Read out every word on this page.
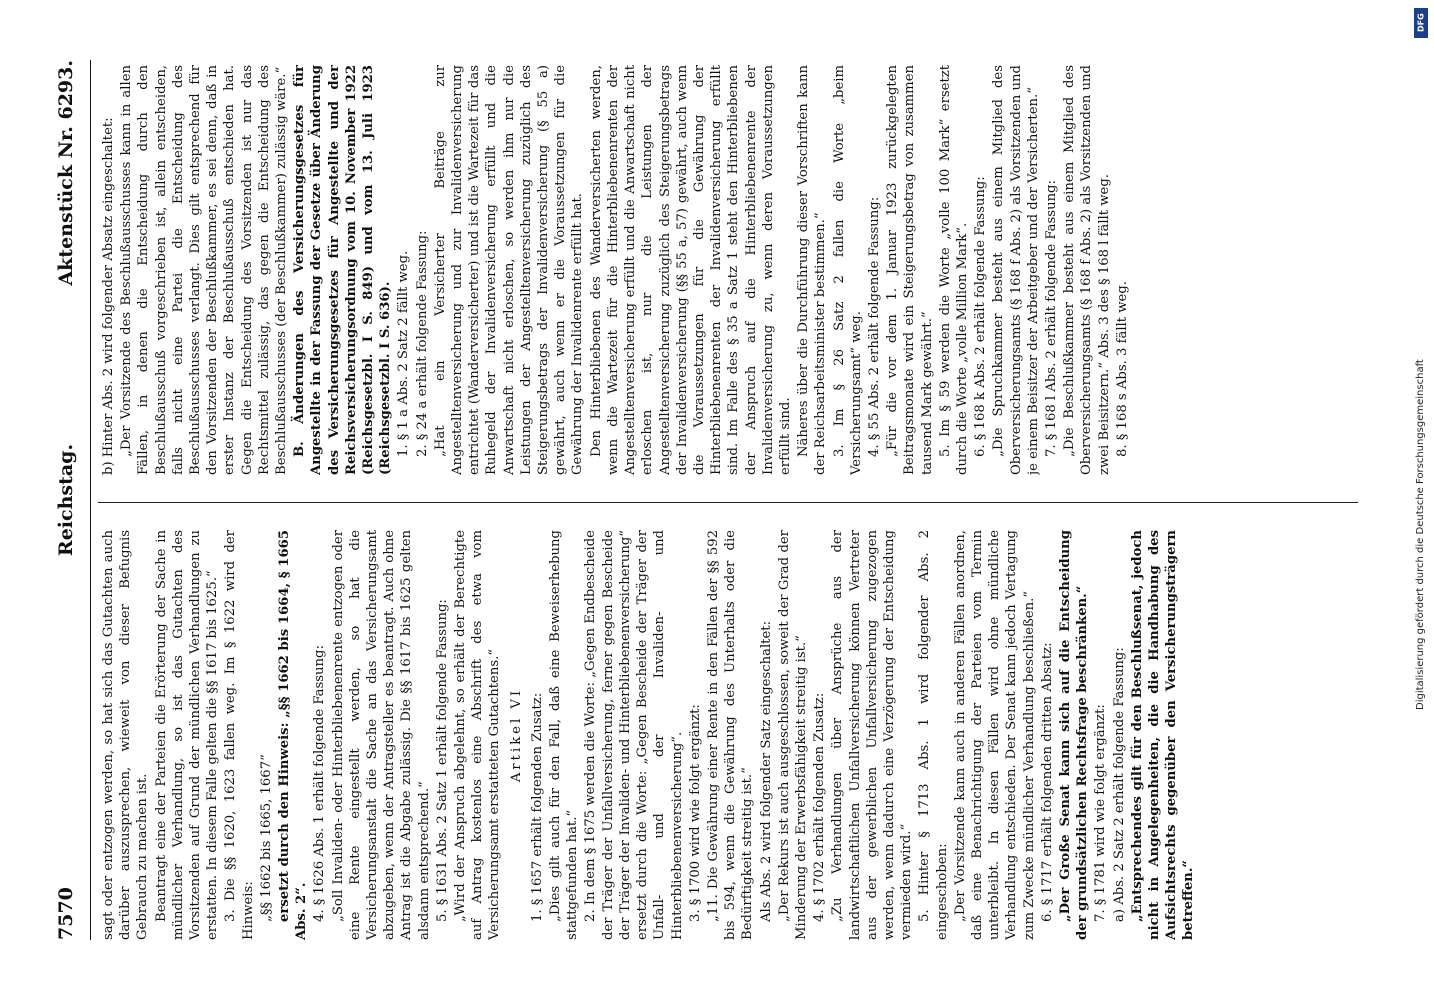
7570
Reichstag.
Aktenstück Nr. 6293.

sagt oder entzogen werden, so hat sich das Gutachten auch darüber auszusprechen, wieweit von dieser Befugnis Gebrauch zu machen ist. Beantragt eine der Parteien die Erörterung der Sache in mündlicher Verhandlung, so ist das Gutachten des Vorsitzenden auf Grund der mündlichen Verhandlungen zu erstatten. In diesem Falle gelten die §§ 1617 bis 1625.“ 3. Die §§ 1620, 1623 fallen weg. Im § 1622 wird der Hinweis: „§§ 1662 bis 1665, 1667“ ersetzt durch den Hinweis: „§§ 1662 bis 1664, § 1665 Abs. 2“. 4. § 1626 Abs. 1 erhält folgende Fassung: „Soll Invaliden- oder Hinterbliebenenrente entzogen oder eine Rente eingestellt werden, so hat die Versicherungsanstalt die Sache an das Versicherungsamt abzugeben, wenn der Antragsteller es beantragt. Auch ohne Antrag ist die Abgabe zulässig. Die §§ 1617 bis 1625 gelten alsdann entsprechend.“ 5. § 1631 Abs. 2 Satz 1 erhält folgende Fassung: „Wird der Anspruch abgelehnt, so erhält der Berechtigte auf Antrag kostenlos eine Abschrift des etwa vom Versicherungsamt erstatteten Gutachtens.“ Artikel VI 1. § 1657 erhält folgenden Zusatz: „Dies gilt auch für den Fall, daß eine Beweiserhebung stattgefunden hat.“ 2. In dem § 1675 werden die Worte: „Gegen Endbescheide der Träger der Unfallversicherung, ferner gegen Bescheide der Träger der Invaliden- und Hinterbliebenenversicherung“ ersetzt durch die Worte: „Gegen Bescheide der Träger der Unfall- und der Invaliden- und Hinterbliebenenversicherung“. 3. § 1700 wird wie folgt ergänzt: „11. Die Gewährung einer Rente in den Fällen der §§ 592 bis 594, wenn die Gewährung des Unterhalts oder die Bedürftigkeit streitig ist.“ Als Abs. 2 wird folgender Satz eingeschaltet: „Der Rekurs ist auch ausgeschlossen, soweit der Grad der Minderung der Erwerbsfähigkeit streitig ist.“ 4. § 1702 erhält folgenden Zusatz: „Zu Verhandlungen über Ansprüche aus der landwirtschaftlichen Unfallversicherung können Vertreter aus der gewerblichen Unfallversicherung zugezogen werden, wenn dadurch eine Verzögerung der Entscheidung vermieden wird.“ 5. Hinter § 1713 Abs. 1 wird folgender Abs. 2 eingeschoben: „Der Vorsitzende kann auch in anderen Fällen anordnen, daß eine Benachrichtigung der Parteien vom Termin unterbleibt. In diesen Fällen wird ohne mündliche Verhandlung entschieden. Der Senat kann jedoch Vertagung zum Zwecke mündlicher Verhandlung beschließen.“ 6. § 1717 erhält folgenden dritten Absatz: „Der Große Senat kann sich auf die Entscheidung der grundsätzlichen Rechtsfrage beschränken.“ 7. § 1781 wird wie folgt ergänzt: a) Abs. 2 Satz 2 erhält folgende Fassung: „Entsprechendes gilt für den Beschlußsenat, jedoch nicht in Angelegenheiten, die die Handhabung des Aufsichtsrechts gegenüber den Versicherungsträgern betreffen.“

b) Hinter Abs. 2 wird folgender Absatz eingeschaltet: „Der Vorsitzende des Beschlußausschusses kann in allen Fällen, in denen die Entscheidung durch den Beschlußausschuß vorgeschrieben ist, allein entscheiden, falls nicht eine Partei die Entscheidung des Beschlußausschusses verlangt. Dies gilt entsprechend für den Vorsitzenden der Beschlußkammer, es sei denn, daß in erster Instanz der Beschlußausschuß entschieden hat. Gegen die Entscheidung des Vorsitzenden ist nur das Rechtsmittel zulässig, das gegen die Entscheidung des Beschlußausschusses (der Beschlußkammer) zulässig wäre.“ B. Änderungen des Versicherungsgesetzes für Angestellte in der Fassung der Gesetze über Änderung des Versicherungsgesetzes für Angestellte und der Reichsversicherungsordnung vom 10. November 1922 (Reichsgesetzbl. I S. 849) und vom 13. Juli 1923 (Reichsgesetzbl. I S. 636). 1. § 1 a Abs. 2 Satz 2 fällt weg. 2. § 24 a erhält folgende Fassung: „Hat ein Versicherter Beiträge zur Angestelltenversicherung und zur Invalidenversicherung entrichtet (Wanderversicherter) und ist die Wartezeit für das Ruhegeld der Invalidenversicherung erfüllt und die Anwartschaft nicht erloschen, so werden ihm nur die Leistungen der Angestelltenversicherung zuzüglich des Steigerungsbetrags der Invalidenversicherung (§ 55 a) gewährt, auch wenn er die Voraussetzungen für die Gewährung der Invalidenrente erfüllt hat. Den Hinterbliebenen des Wanderversicherten werden, wenn die Wartezeit für die Hinterbliebenenrenten der Angestelltenversicherung erfüllt und die Anwartschaft nicht erloschen ist, nur die Leistungen der Angestelltenversicherung zuzüglich des Steigerungsbetrags der Invalidenversicherung (§§ 55 a, 57) gewährt, auch wenn die Voraussetzungen für die Gewährung der Hinterbliebenenrenten der Invalidenversicherung erfüllt sind. Im Falle des § 35 a Satz 1 steht den Hinterbliebenen der Anspruch auf die Hinterbliebenenrente der Invalidenversicherung zu, wenn deren Voraussetzungen erfüllt sind. Näheres über die Durchführung dieser Vorschriften kann der Reichsarbeitsminister bestimmen.“ 3. Im § 26 Satz 2 fallen die Worte „beim Versicherungsamt“ weg. 4. § 55 Abs. 2 erhält folgende Fassung: „Für die vor dem 1. Januar 1923 zurückgelegten Beitragsmonate wird ein Steigerungsbetrag von zusammen tausend Mark gewährt.“ 5. Im § 59 werden die Worte „volle 100 Mark“ ersetzt durch die Worte „volle Million Mark“. 6. § 168 k Abs. 2 erhält folgende Fassung: „Die Spruchkammer besteht aus einem Mitglied des Oberversicherungsamts (§ 168 f Abs. 2) als Vorsitzenden und je einem Beisitzer der Arbeitgeber und der Versicherten.“ 7. § 168 l Abs. 2 erhält folgende Fassung: „Die Beschlußkammer besteht aus einem Mitglied des Oberversicherungsamts (§ 168 f Abs. 2) als Vorsitzenden und zwei Beisitzern.“ Abs. 3 des § 168 l fällt weg. 8. § 168 s Abs. 3 fällt weg.	Digitalisierung gefördert durch die Deutsche Forschungsgemeinschaft
DFG
